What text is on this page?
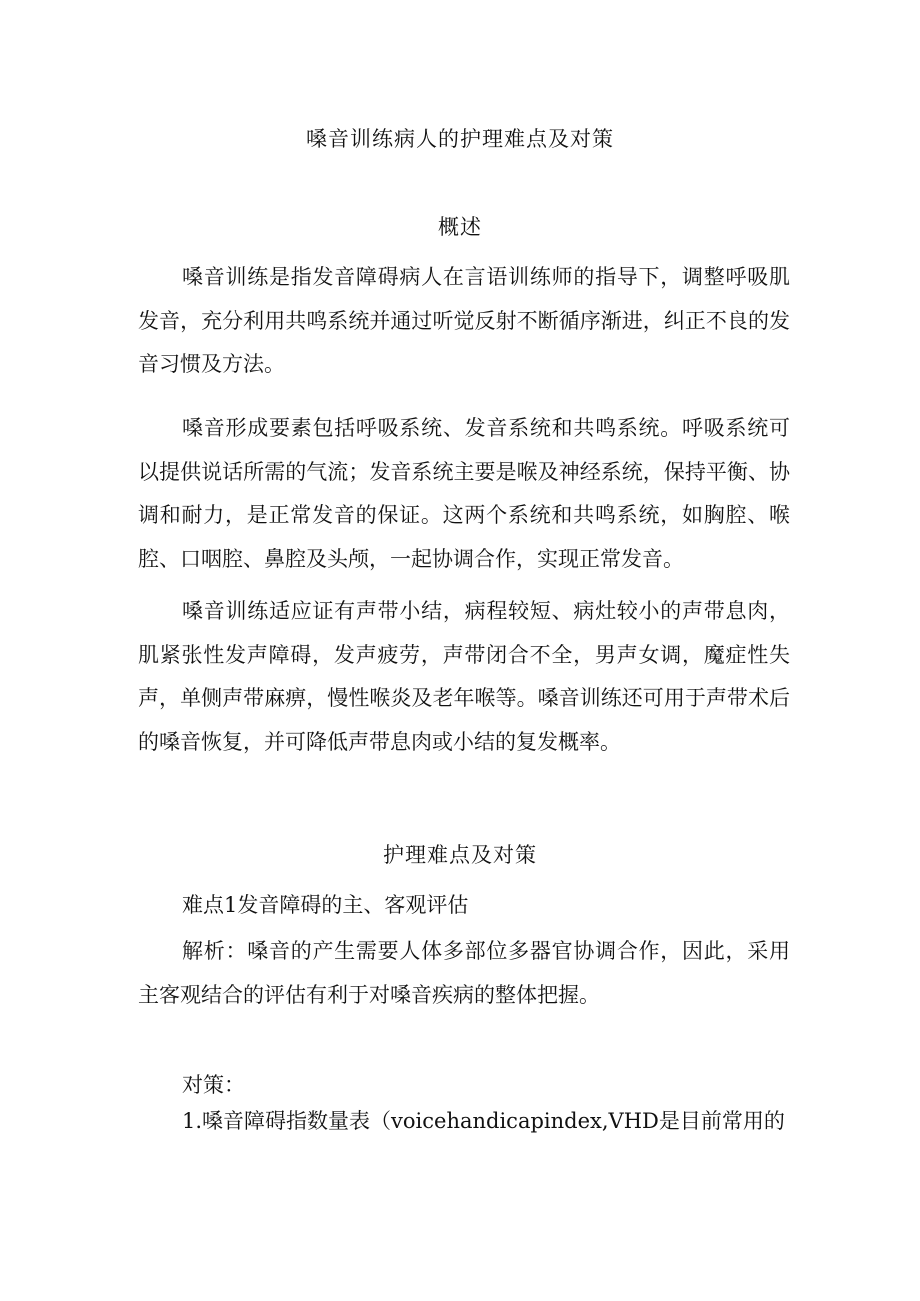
嗓音训练病人的护理难点及对策
概述

嗓音训练是指发音障碍病人在言语训练师的指导下，调整呼吸肌发音，充分利用共鸣系统并通过听觉反射不断循序渐进，纠正不良的发音习惯及方法。

嗓音形成要素包括呼吸系统、发音系统和共鸣系统。呼吸系统可以提供说话所需的气流；发音系统主要是喉及神经系统，保持平衡、协调和耐力，是正常发音的保证。这两个系统和共鸣系统，如胸腔、喉腔、口咽腔、鼻腔及头颅，一起协调合作，实现正常发音。

嗓音训练适应证有声带小结，病程较短、病灶较小的声带息肉，肌紧张性发声障碍，发声疲劳，声带闭合不全，男声女调，魔症性失声，单侧声带麻痹，慢性喉炎及老年喉等。嗓音训练还可用于声带术后的嗓音恢复，并可降低声带息肉或小结的复发概率。

护理难点及对策

难点1发音障碍的主、客观评估

解析：嗓音的产生需要人体多部位多器官协调合作，因此，采用主客观结合的评估有利于对嗓音疾病的整体把握。

对策：

1.嗓音障碍指数量表（voicehandicapindex,VHD是目前常用的
